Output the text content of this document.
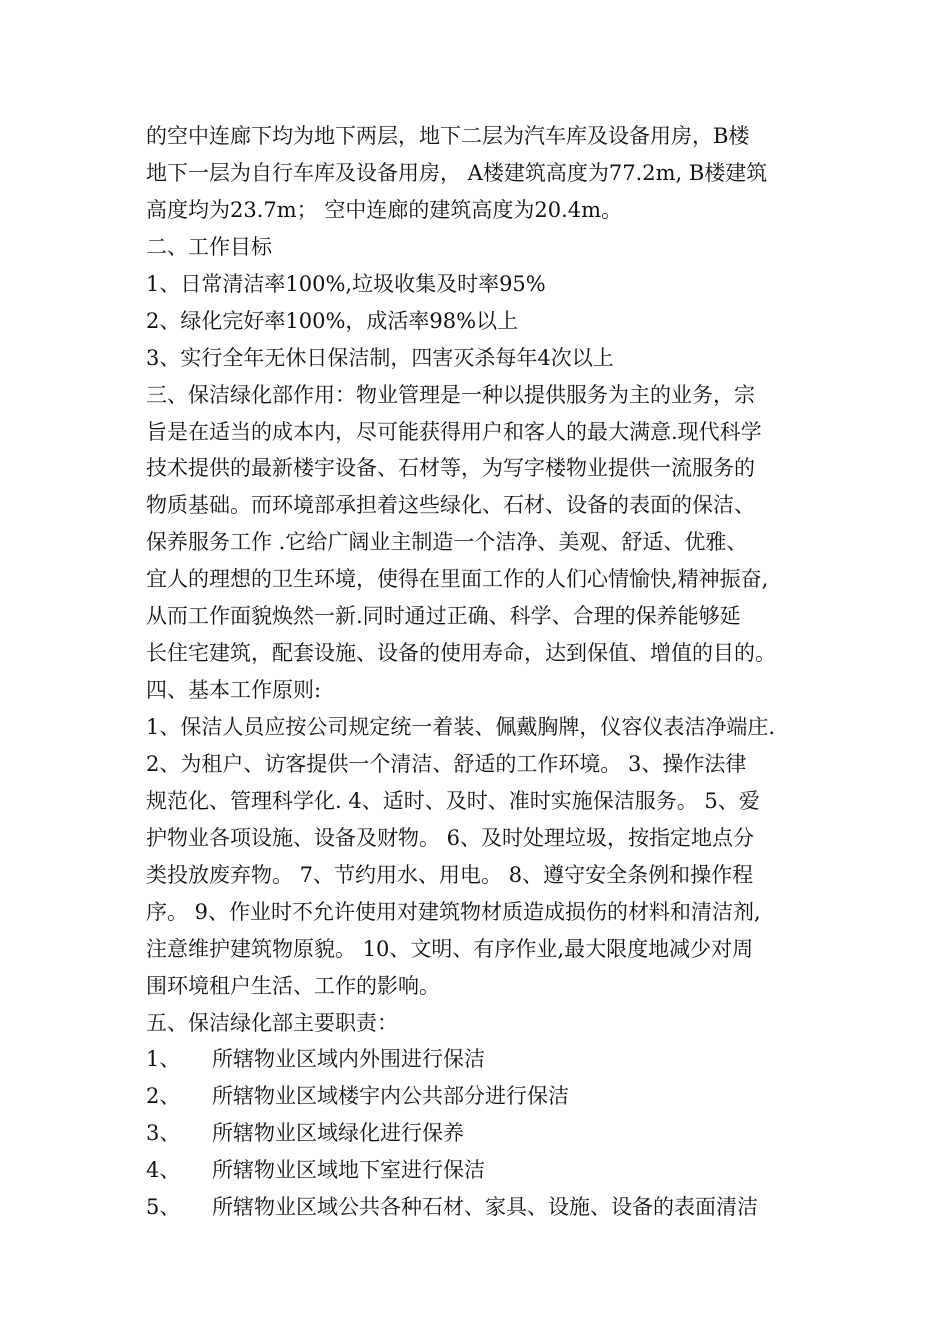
的空中连廊下均为地下两层，地下二层为汽车库及设备用房，B楼
地下一层为自行车库及设备用房， A楼建筑高度为77.2m, B楼建筑
高度均为23.7m； 空中连廊的建筑高度为20.4m。
二、工作目标
1、日常清洁率100%,垃圾收集及时率95%
2、绿化完好率100%，成活率98%以上
3、实行全年无休日保洁制，四害灭杀每年4次以上
三、保洁绿化部作用：物业管理是一种以提供服务为主的业务，宗
旨是在适当的成本内，尽可能获得用户和客人的最大满意.现代科学
技术提供的最新楼宇设备、石材等，为写字楼物业提供一流服务的
物质基础。而环境部承担着这些绿化、石材、设备的表面的保洁、
保养服务工作 .它给广阔业主制造一个洁净、美观、舒适、优雅、
宜人的理想的卫生环境，使得在里面工作的人们心情愉快,精神振奋,
从而工作面貌焕然一新.同时通过正确、科学、合理的保养能够延
长住宅建筑，配套设施、设备的使用寿命，达到保值、增值的目的。
四、基本工作原则:
1、保洁人员应按公司规定统一着装、佩戴胸牌，仪容仪表洁净端庄.
2、为租户、访客提供一个清洁、舒适的工作环境。 3、操作法律
规范化、管理科学化. 4、适时、及时、准时实施保洁服务。 5、爱
护物业各项设施、设备及财物。 6、及时处理垃圾，按指定地点分
类投放废弃物。 7、节约用水、用电。 8、遵守安全条例和操作程
序。 9、作业时不允许使用对建筑物材质造成损伤的材料和清洁剂,
注意维护建筑物原貌。 10、文明、有序作业,最大限度地减少对周
围环境租户生活、工作的影响。
五、保洁绿化部主要职责：
1、	所辖物业区域内外围进行保洁
2、	所辖物业区域楼宇内公共部分进行保洁
3、	所辖物业区域绿化进行保养
4、	所辖物业区域地下室进行保洁
5、	所辖物业区域公共各种石材、家具、设施、设备的表面清洁
